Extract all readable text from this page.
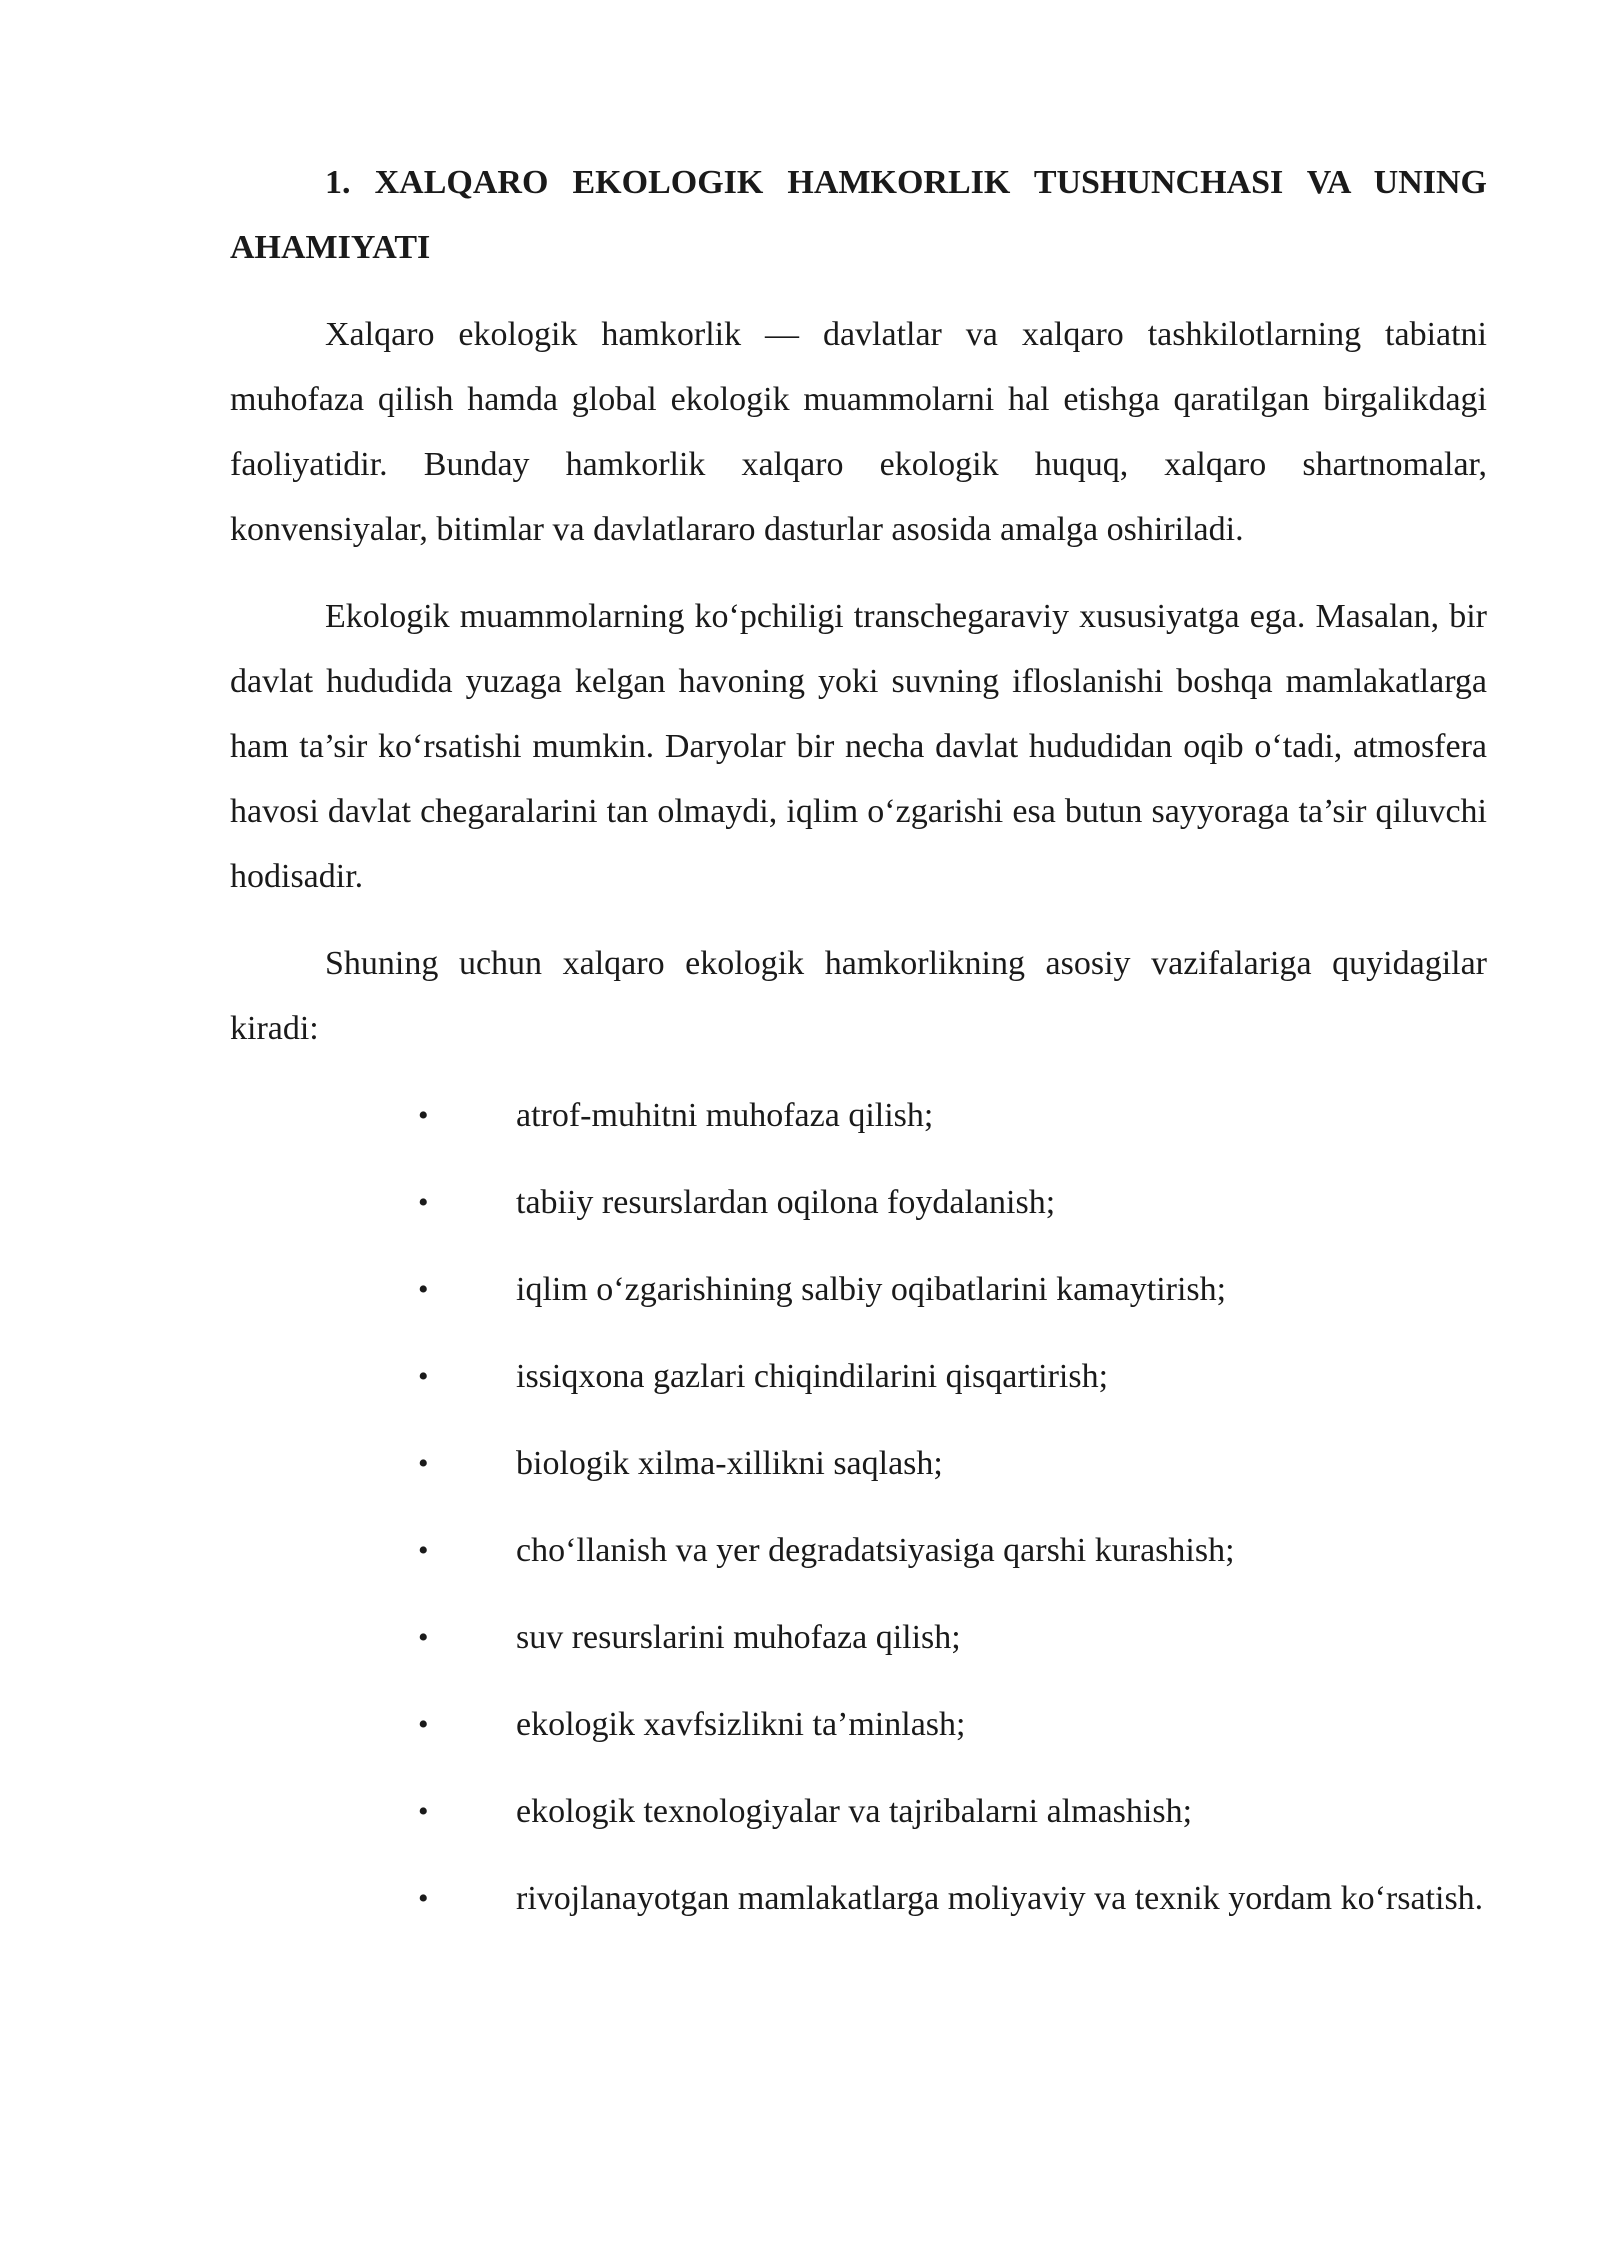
1. XALQARO EKOLOGIK HAMKORLIK TUSHUNCHASI VA UNING AHAMIYATI

Xalqaro ekologik hamkorlik — davlatlar va xalqaro tashkilotlarning tabiatni muhofaza qilish hamda global ekologik muammolarni hal etishga qaratilgan birgalikdagi faoliyatidir. Bunday hamkorlik xalqaro ekologik huquq, xalqaro shartnomalar, konvensiyalar, bitimlar va davlatlararo dasturlar asosida amalga oshiriladi.

Ekologik muammolarning ko‘pchiligi transchegaraviy xususiyatga ega. Masalan, bir davlat hududida yuzaga kelgan havoning yoki suvning ifloslanishi boshqa mamlakatlarga ham ta’sir ko‘rsatishi mumkin. Daryolar bir necha davlat hududidan oqib o‘tadi, atmosfera havosi davlat chegaralarini tan olmaydi, iqlim o‘zgarishi esa butun sayyoraga ta’sir qiluvchi hodisadir.

Shuning uchun xalqaro ekologik hamkorlikning asosiy vazifalariga quyidagilar kiradi:

•	atrof-muhitni muhofaza qilish;
•	tabiiy resurslardan oqilona foydalanish;
•	iqlim o‘zgarishining salbiy oqibatlarini kamaytirish;
•	issiqxona gazlari chiqindilarini qisqartirish;
•	biologik xilma-xillikni saqlash;
•	cho‘llanish va yer degradatsiyasiga qarshi kurashish;
•	suv resurslarini muhofaza qilish;
•	ekologik xavfsizlikni ta’minlash;
•	ekologik texnologiyalar va tajribalarni almashish;
•	rivojlanayotgan mamlakatlarga moliyaviy va texnik yordam ko‘rsatish.
